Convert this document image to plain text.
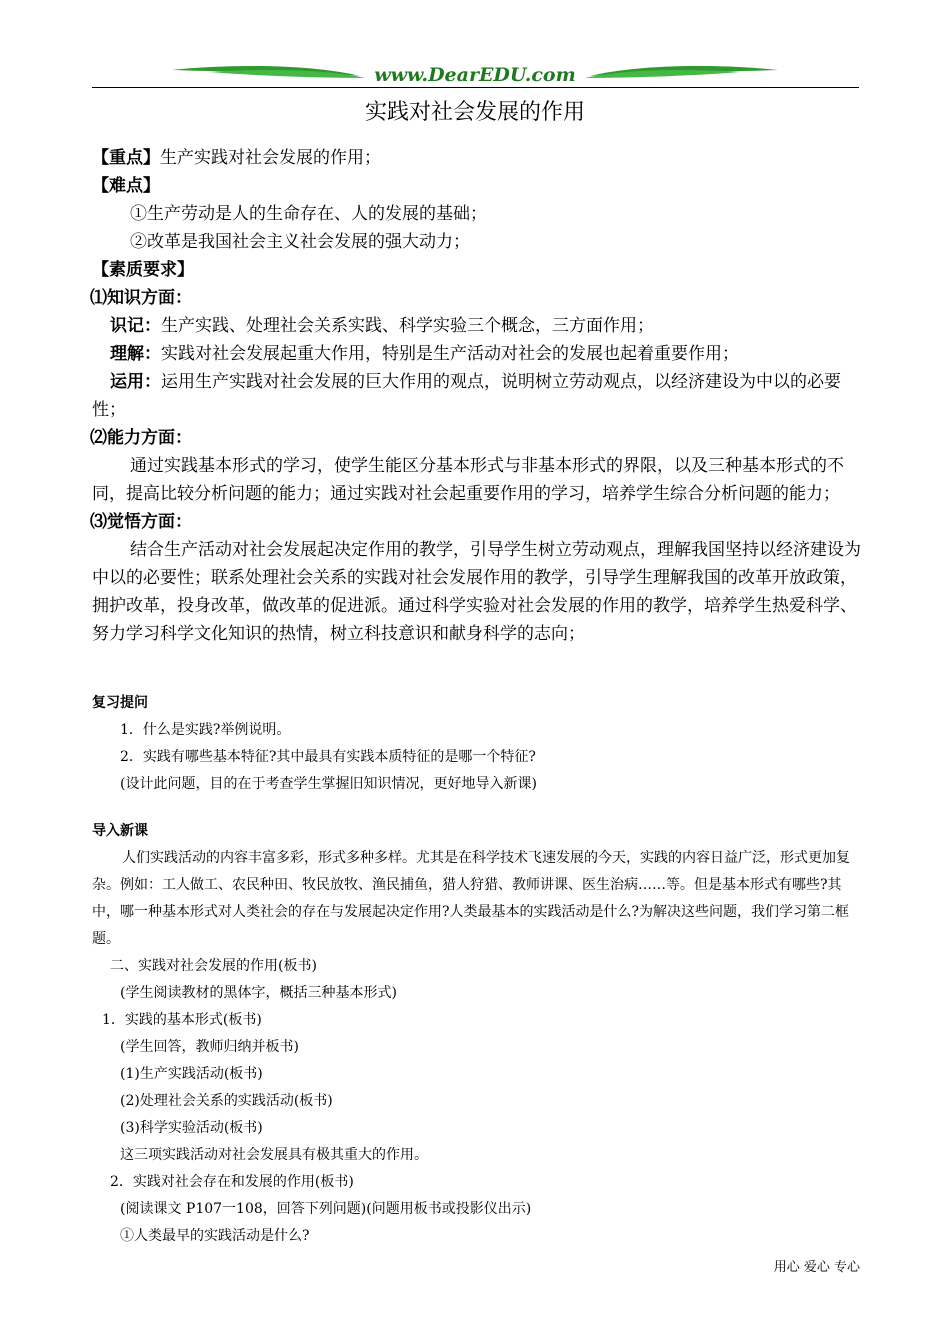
www.DearEDU.com
实践对社会发展的作用
【重点】生产实践对社会发展的作用；
【难点】
①生产劳动是人的生命存在、人的发展的基础；
②改革是我国社会主义社会发展的强大动力；
【素质要求】
⑴知识方面：
识记：生产实践、处理社会关系实践、科学实验三个概念，三方面作用；
理解：实践对社会发展起重大作用，特别是生产活动对社会的发展也起着重要作用；
运用：运用生产实践对社会发展的巨大作用的观点，说明树立劳动观点，以经济建设为中以的必要性；
⑵能力方面：
通过实践基本形式的学习，使学生能区分基本形式与非基本形式的界限，以及三种基本形式的不同，提高比较分析问题的能力；通过实践对社会起重要作用的学习，培养学生综合分析问题的能力；
⑶觉悟方面：
结合生产活动对社会发展起决定作用的教学，引导学生树立劳动观点，理解我国坚持以经济建设为中以的必要性；联系处理社会关系的实践对社会发展作用的教学，引导学生理解我国的改革开放政策，拥护改革，投身改革，做改革的促进派。通过科学实验对社会发展的作用的教学，培养学生热爱科学、努力学习科学文化知识的热情，树立科技意识和献身科学的志向；
复习提问
1．什么是实践?举例说明。
2．实践有哪些基本特征?其中最具有实践本质特征的是哪一个特征?
(设计此问题，目的在于考查学生掌握旧知识情况，更好地导入新课)
导入新课
人们实践活动的内容丰富多彩，形式多种多样。尤其是在科学技术飞速发展的今天，实践的内容日益广泛，形式更加复杂。例如：工人做工、农民种田、牧民放牧、渔民捕鱼，猎人狩猎、教师讲课、医生治病……等。但是基本形式有哪些?其中，哪一种基本形式对人类社会的存在与发展起决定作用?人类最基本的实践活动是什么?为解决这些问题，我们学习第二框题。
二、实践对社会发展的作用(板书)
(学生阅读教材的黑体字，概括三种基本形式)
1．实践的基本形式(板书)
(学生回答，教师归纳并板书)
(1)生产实践活动(板书)
(2)处理社会关系的实践活动(板书)
(3)科学实验活动(板书)
这三项实践活动对社会发展具有极其重大的作用。
2．实践对社会存在和发展的作用(板书)
(阅读课文 P107一108，回答下列问题)(问题用板书或投影仪出示)
①人类最早的实践活动是什么?
用心 爱心 专心
